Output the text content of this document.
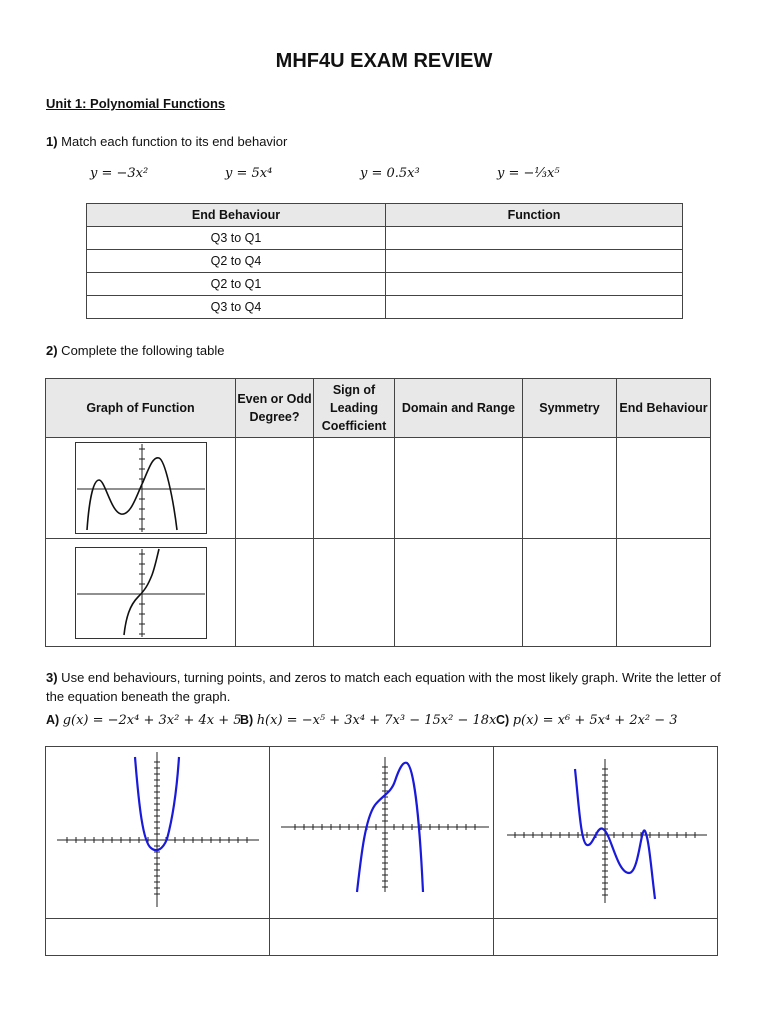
MHF4U EXAM REVIEW
Unit 1: Polynomial Functions
1) Match each function to its end behavior
y = −3x²	y = 5x⁴	y = 0.5x³	y = −⅓x⁵
End Behaviour	Function
Q3 to Q1	
Q2 to Q4	
Q2 to Q1	
Q3 to Q4	
2) Complete the following table
Graph of Function	Even or Odd Degree?	Sign of Leading Coefficient	Domain and Range	Symmetry	End Behaviour

3) Use end behaviours, turning points, and zeros to match each equation with the most likely graph. Write the letter of the equation beneath the graph.
A) g(x) = −2x⁴ + 3x² + 4x + 5
B) h(x) = −x⁵ + 3x⁴ + 7x³ − 15x² − 18x C) p(x) = x⁶ + 5x⁴ + 2x² − 3
